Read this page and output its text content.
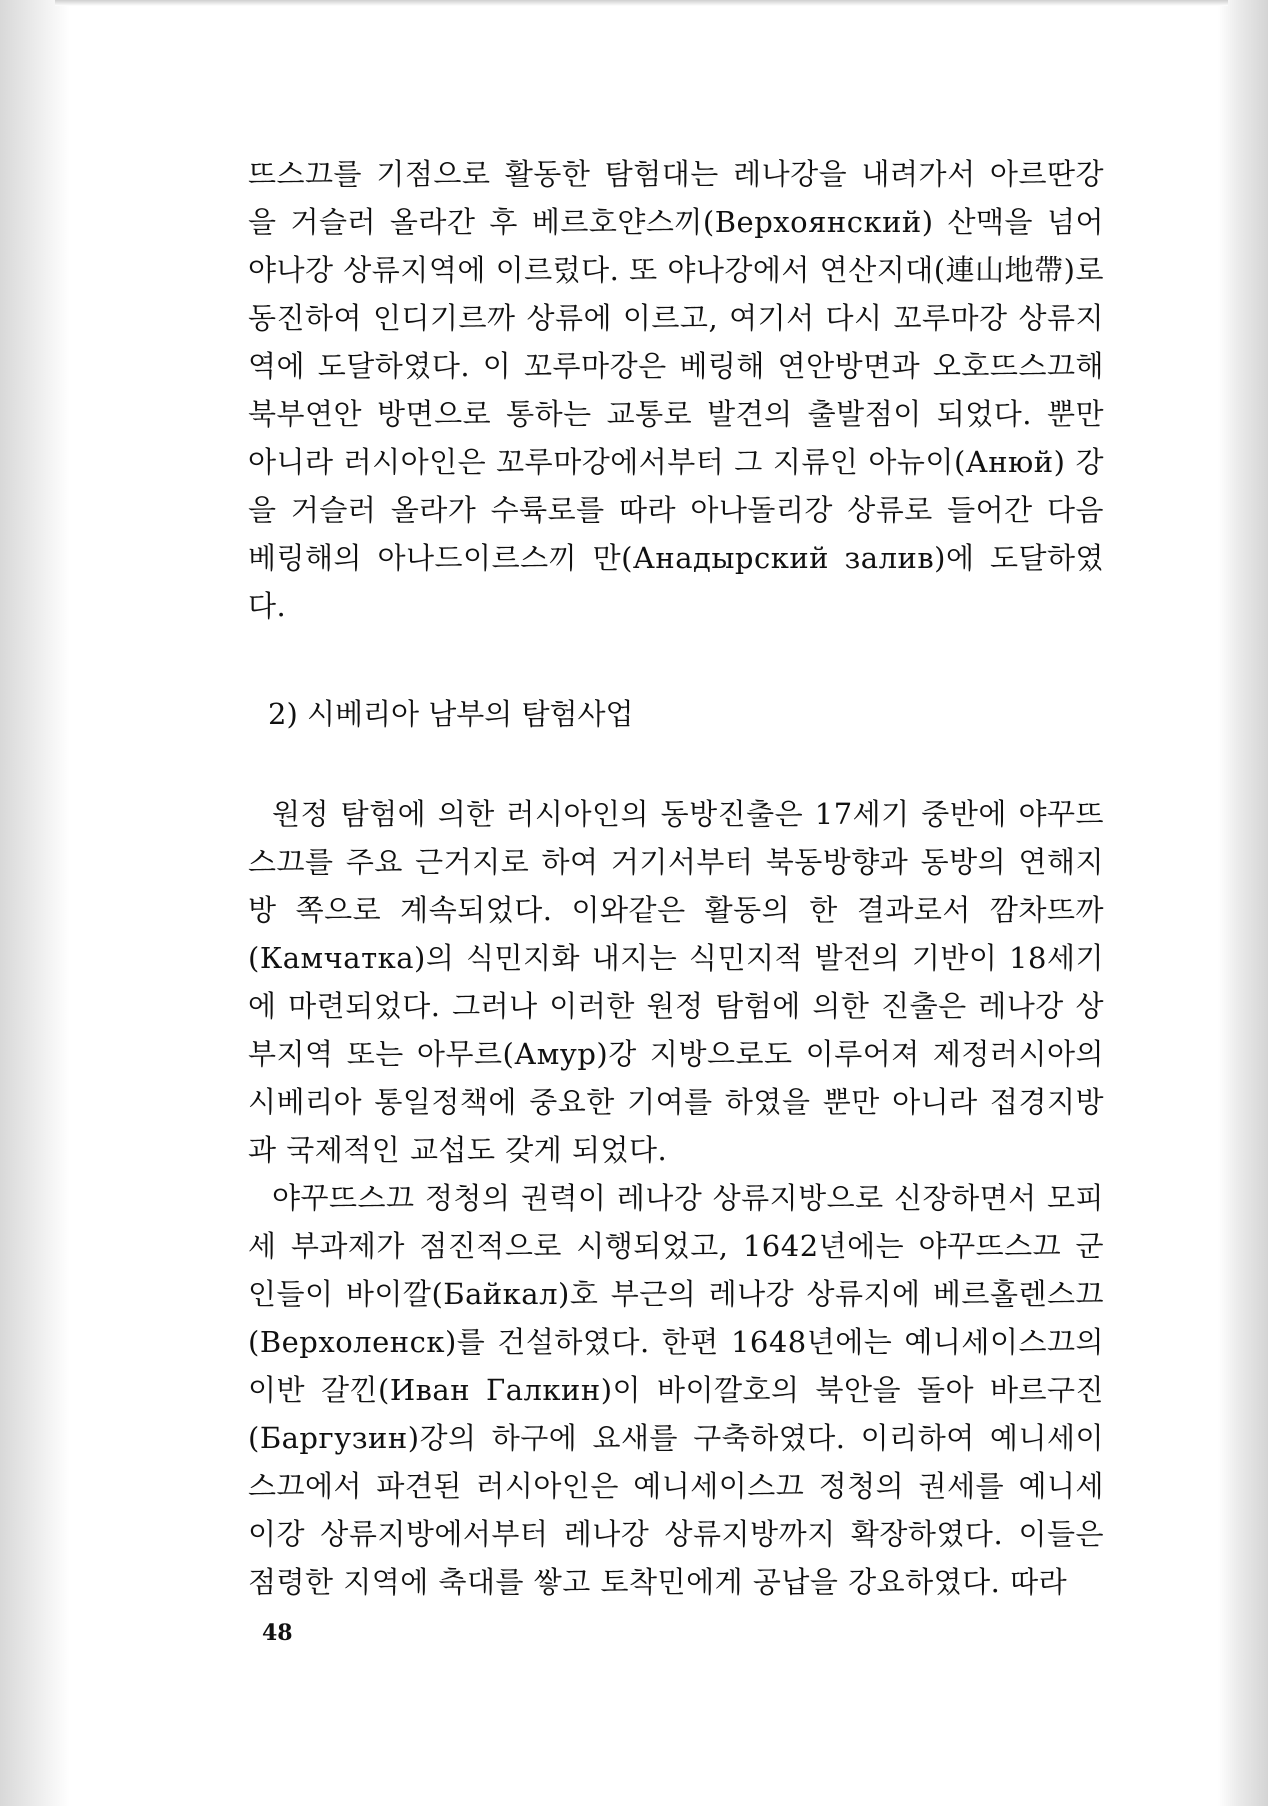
뜨스끄를 기점으로 활동한 탐험대는 레나강을 내려가서 아르딴강을 거슬러 올라간 후 베르호얀스끼(Верхоянский) 산맥을 넘어 야나강 상류지역에 이르렀다. 또 야나강에서 연산지대(連山地帶)로 동진하여 인디기르까 상류에 이르고, 여기서 다시 꼬루마강 상류지역에 도달하였다. 이 꼬루마강은 베링해 연안방면과 오호뜨스끄해 북부연안 방면으로 통하는 교통로 발견의 출발점이 되었다. 뿐만 아니라 러시아인은 꼬루마강에서부터 그 지류인 아뉴이(Анюй) 강을 거슬러 올라가 수륙로를 따라 아나돌리강 상류로 들어간 다음 베링해의 아나드이르스끼 만(Анадырский залив)에 도달하였다.

2) 시베리아 남부의 탐험사업

원정 탐험에 의한 러시아인의 동방진출은 17세기 중반에 야꾸뜨스끄를 주요 근거지로 하여 거기서부터 북동방향과 동방의 연해지방 쪽으로 계속되었다. 이와같은 활동의 한 결과로서 깜차뜨까(Камчатка)의 식민지화 내지는 식민지적 발전의 기반이 18세기에 마련되었다. 그러나 이러한 원정 탐험에 의한 진출은 레나강 상부지역 또는 아무르(Амур)강 지방으로도 이루어져 제정러시아의 시베리아 통일정책에 중요한 기여를 하였을 뿐만 아니라 접경지방과 국제적인 교섭도 갖게 되었다.

야꾸뜨스끄 정청의 권력이 레나강 상류지방으로 신장하면서 모피세 부과제가 점진적으로 시행되었고, 1642년에는 야꾸뜨스끄 군인들이 바이깔(Байкал)호 부근의 레나강 상류지에 베르홀렌스끄(Верхоленск)를 건설하였다. 한편 1648년에는 예니세이스끄의 이반 갈낀(Иван Галкин)이 바이깔호의 북안을 돌아 바르구진(Баргузин)강의 하구에 요새를 구축하였다. 이리하여 예니세이스끄에서 파견된 러시아인은 예니세이스끄 정청의 권세를 예니세이강 상류지방에서부터 레나강 상류지방까지 확장하였다. 이들은 점령한 지역에 축대를 쌓고 토착민에게 공납을 강요하였다. 따라

48
